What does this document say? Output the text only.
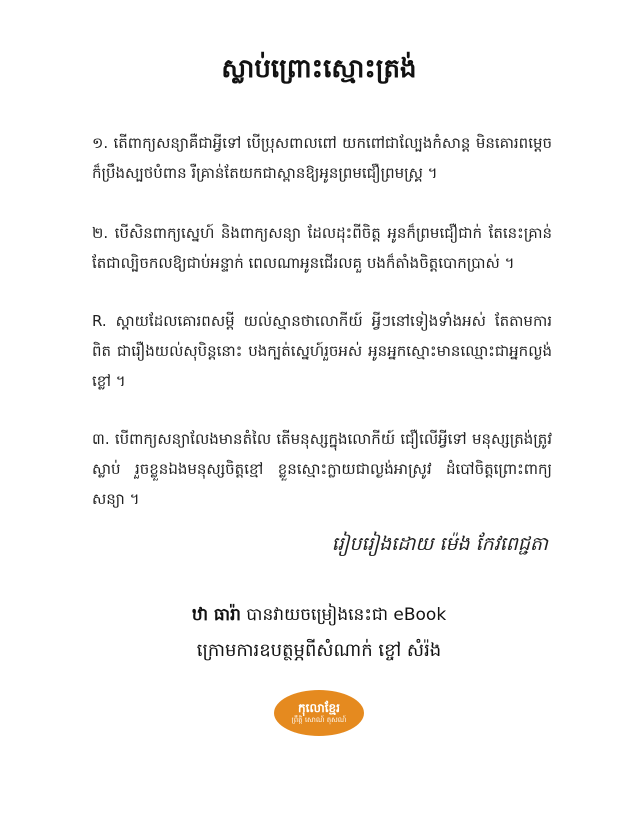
ស្លាប់ព្រោះស្មោះត្រង់
១. តើពាក្យសន្យាគឺជាអ្វីទៅ បើប្រុសពាលពៅ យកពៅជាល្បែងកំសាន្ត មិនគោរពម្តេច ក៏ប្រឹងស្បថបំពាន រឺគ្រាន់តែយកជាស្ពានឱ្យអូនព្រមជឿព្រមស្រ្គ ។
២. បើសិនពាក្យស្នេហ៍ និងពាក្យសន្យា ដែលដុះពីចិត្ត អូនក៏ព្រមជឿជាក់ តែនេះគ្រាន់ តែជាល្បិចកលឱ្យជាប់អន្ទាក់ ពេលណាអូនជើរលគួ បងក៏តាំងចិត្តបោកប្រាស់ ។
R. ស្តាយដែលគោរពសម្តី យល់ស្មានថាលោកីយ៍ អ្វីៗនៅទៀងទាំងអស់ តែតាមការពិត ជារឿងយល់សុបិន្តនោះ បងក្បត់ស្នេហ៍រួចអស់ អូនអ្នកស្មោះមានឈ្មោះជាអ្នកល្ងង់ខ្លៅ ។
៣. បើពាក្យសន្យាលែងមានតំលៃ តើមនុស្សក្នុងលោកីយ៍ ជឿលើអ្វីទៅ មនុស្សត្រង់ត្រូវ ស្លាប់ រួចខ្លួនឯងមនុស្សចិត្តខ្មៅ ខ្លួនស្មោះក្លាយជាល្ងង់អាស្រូវ ដំបៅចិត្តព្រោះពាក្យ សន្យា ។
រៀបរៀងដោយ ម៉េង កែវពេជ្ជតា
ឋា ធារ៉ា បានវាយចម្រៀងនេះជា eBook
ក្រោមការឧបត្ថម្ភពីសំណាក់ ខ្ចៅ សំរ៉ង
កុលោខ្មែរ
ព្រឹត្តិ សោណ៍ តុសណ៍
